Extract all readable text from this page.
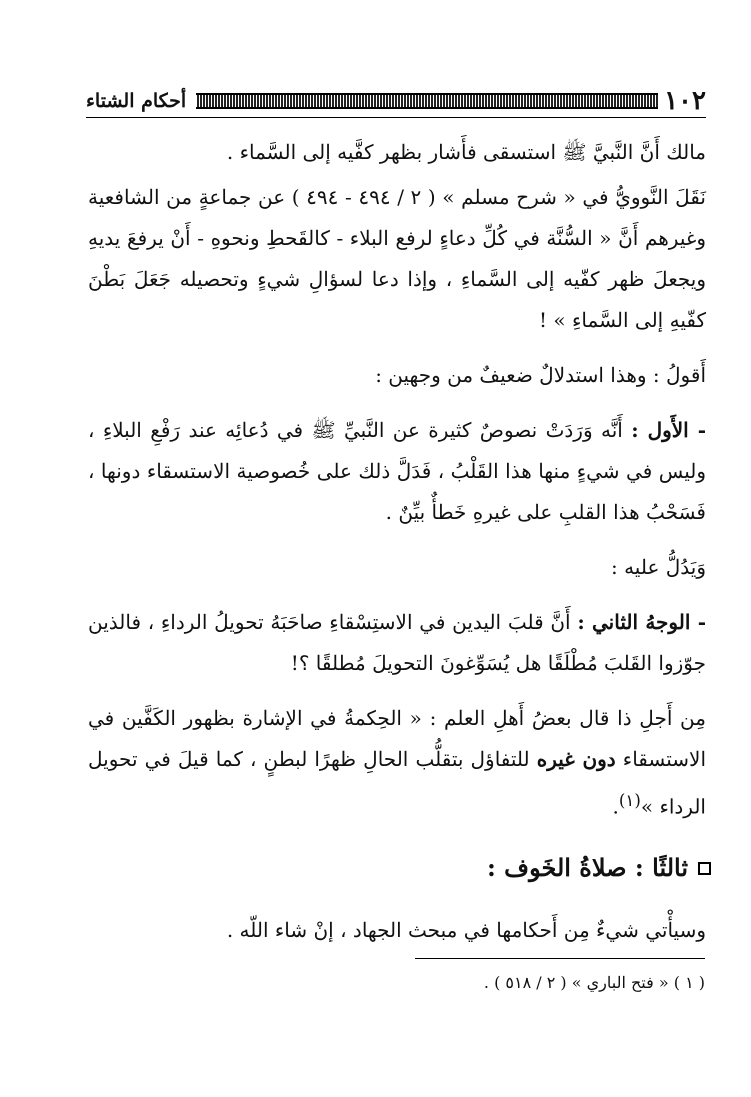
١٠٢
أحكام الشتاء

مالك أَنَّ النَّبيَّ ﷺ استسقى فأَشار بظهر كفَّيه إلى السَّماء .

نَقَلَ النَّوويُّ في « شرح مسلم » ( ٢ / ٤٩٤ - ٤٩٤ ) عن جماعةٍ من الشافعية وغيرهم أَنَّ « السُّنَّة في كُلِّ دعاءٍ لرفع البلاء - كالقَحطِ ونحوهِ - أَنْ يرفعَ يديهِ ويجعلَ ظهر كفّيه إلى السَّماءِ ، وإذا دعا لسؤالِ شيءٍ وتحصيله جَعَلَ بَطْنَ كفّيهِ إلى السَّماءِ » !

أَقولُ : وهذا استدلالٌ ضعيفٌ من وجهين :

- الأَول : أَنَّه وَرَدَتْ نصوصٌ كثيرة عن النَّبيِّ ﷺ في دُعائِه عند رَفْعِ البلاءِ ، وليس في شيءٍ منها هذا القَلْبُ ، فَدَلَّ ذلك على خُصوصية الاستسقاء دونها ، فَسَحْبُ هذا القلبِ على غيرهِ خَطأٌ بيِّنٌ .

وَيَدُلُّ عليه :

- الوجهُ الثاني : أَنَّ قلبَ اليدين في الاستِسْقاءِ صاحَبَهُ تحويلُ الرداءِ ، فالذين جوّزوا القَلبَ مُطْلَقًا هل يُسَوِّغونَ التحويلَ مُطلقًا ؟!

مِن أَجلِ ذا قال بعضُ أَهلِ العلم : « الحِكمةُ في الإشارة بظهور الكَفَّين في الاستسقاء دون غيره للتفاؤل بتقلُّب الحالِ ظهرًا لبطنٍ ، كما قيلَ في تحويل الرداء »$^{(١)}$.

ثالثًا : صلاةُ الخَوف :

وسيأْتي شيءٌ مِن أَحكامها في مبحث الجهاد ، إنْ شاء اللّه .

( ١ ) « فتح الباري » ( ٢ / ٥١٨ ) .
